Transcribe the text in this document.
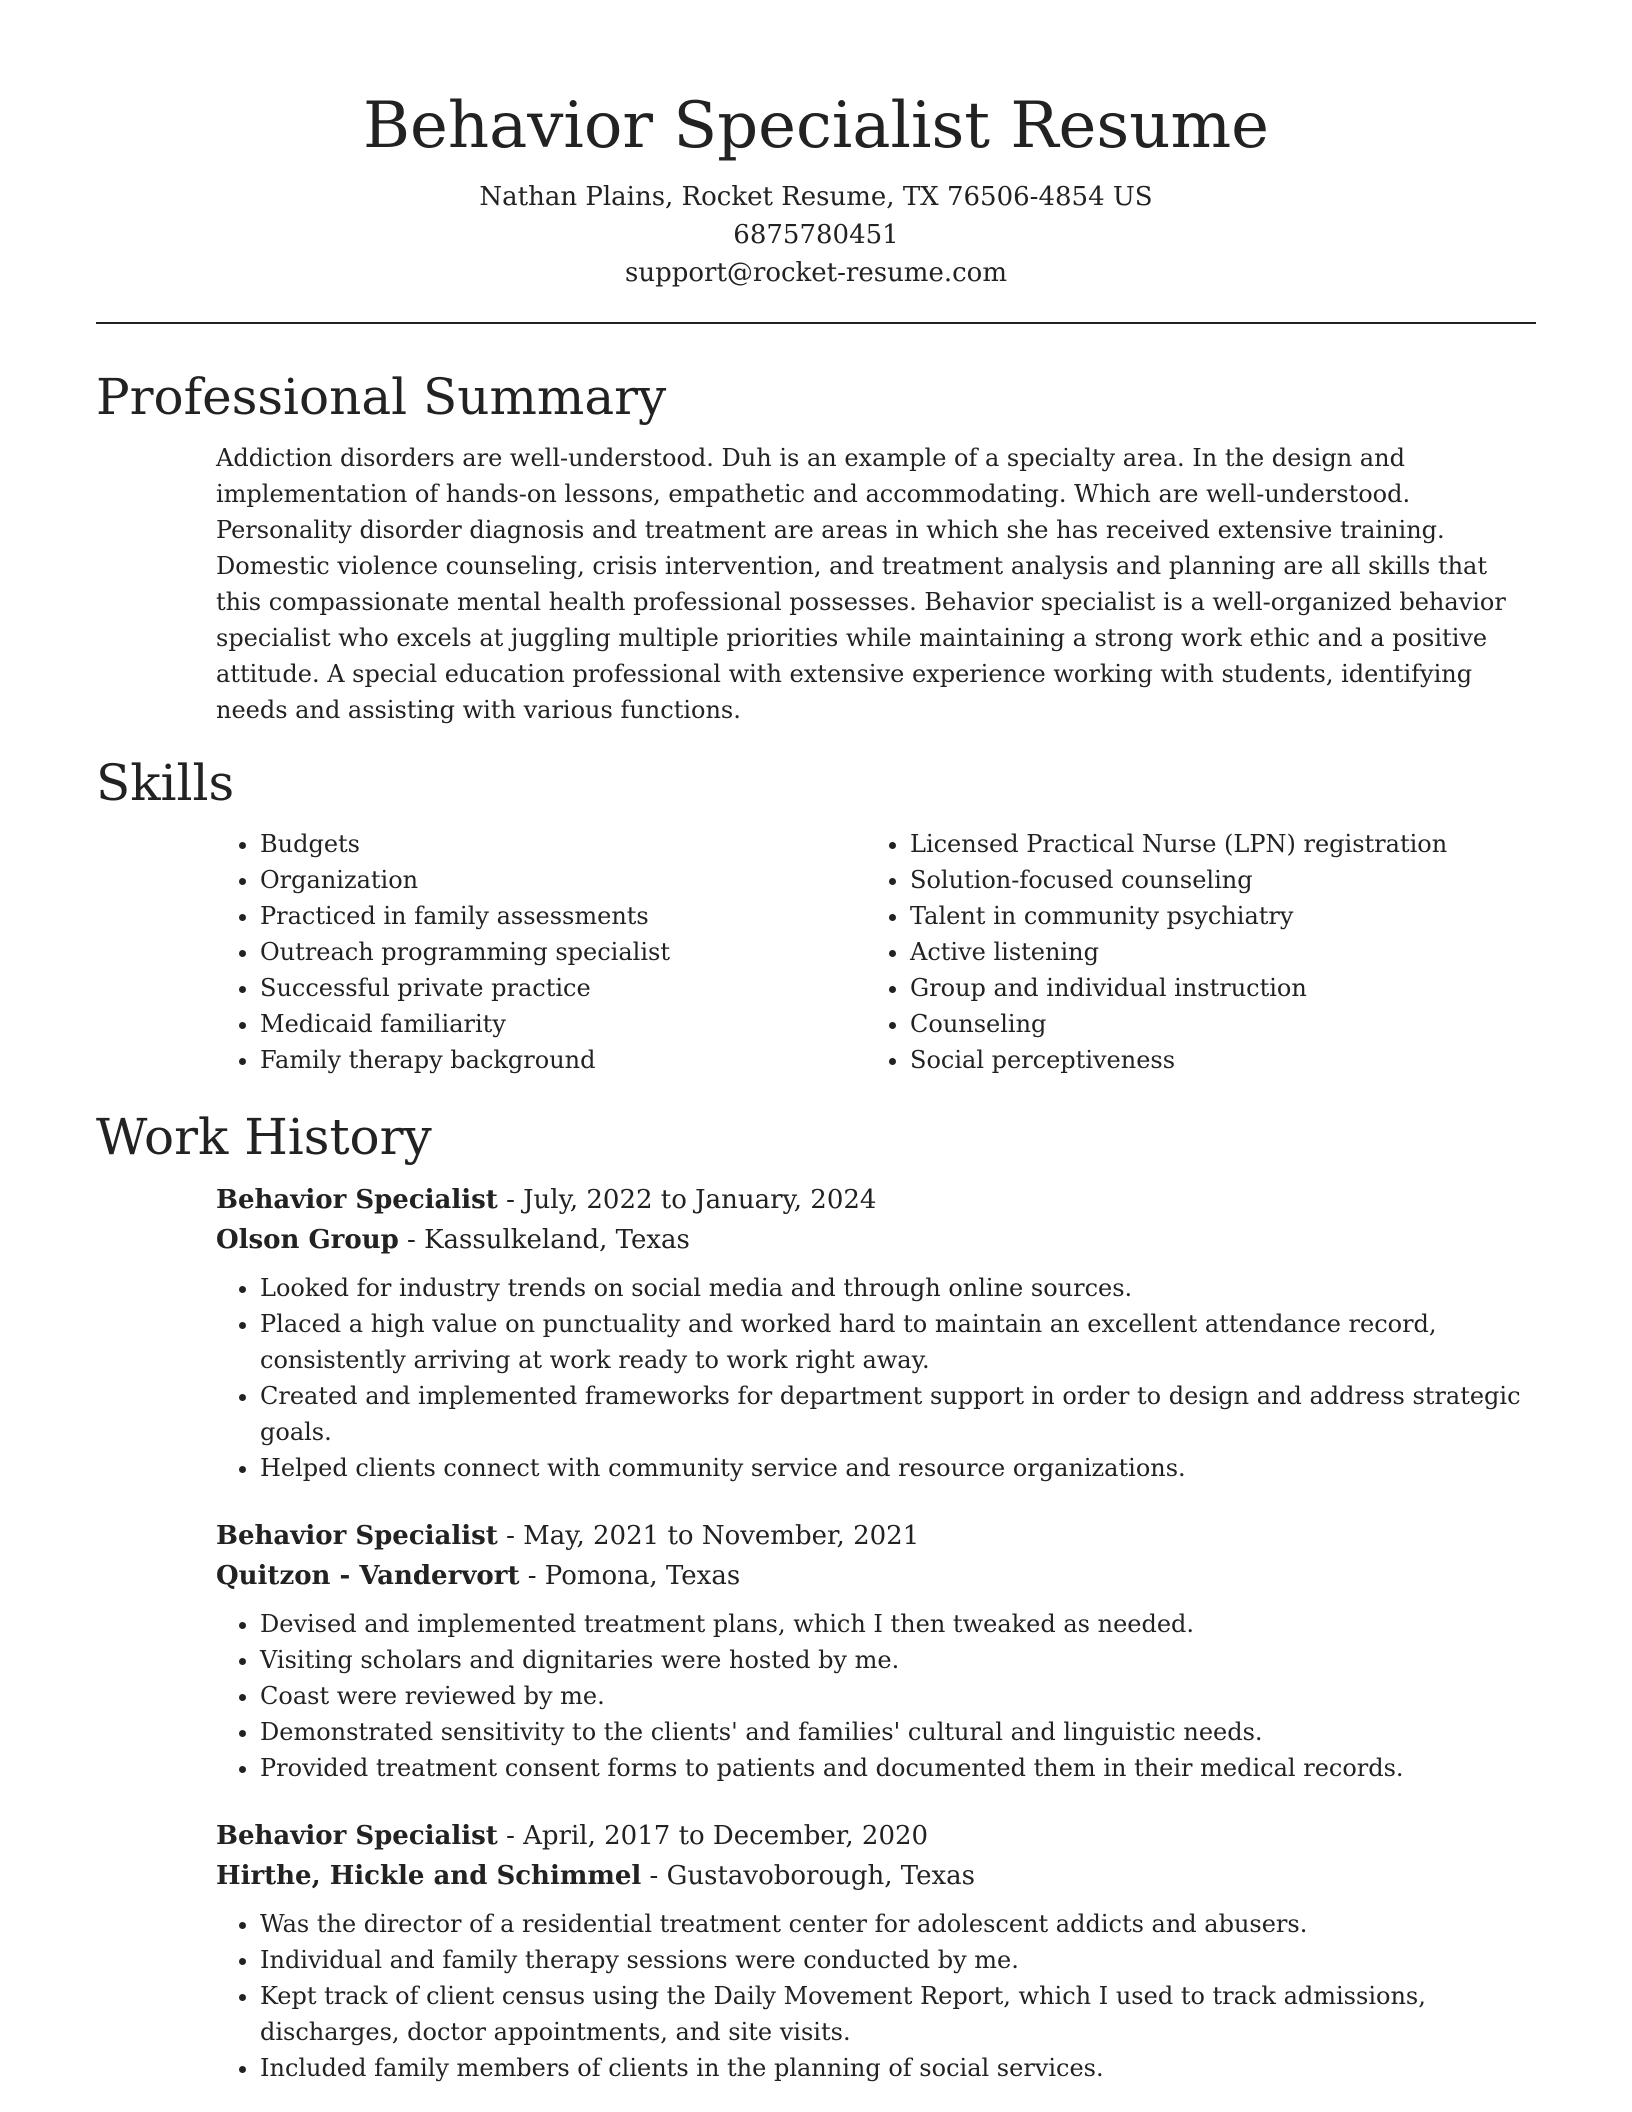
Behavior Specialist Resume
Nathan Plains, Rocket Resume, TX 76506-4854 US
6875780451
support@rocket-resume.com
Professional Summary
Addiction disorders are well-understood. Duh is an example of a specialty area. In the design and implementation of hands-on lessons, empathetic and accommodating. Which are well-understood. Personality disorder diagnosis and treatment are areas in which she has received extensive training. Domestic violence counseling, crisis intervention, and treatment analysis and planning are all skills that this compassionate mental health professional possesses. Behavior specialist is a well-organized behavior specialist who excels at juggling multiple priorities while maintaining a strong work ethic and a positive attitude. A special education professional with extensive experience working with students, identifying needs and assisting with various functions.
Skills
• Budgets
• Organization
• Practiced in family assessments
• Outreach programming specialist
• Successful private practice
• Medicaid familiarity
• Family therapy background
• Licensed Practical Nurse (LPN) registration
• Solution-focused counseling
• Talent in community psychiatry
• Active listening
• Group and individual instruction
• Counseling
• Social perceptiveness
Work History
Behavior Specialist - July, 2022 to January, 2024
Olson Group - Kassulkeland, Texas
• Looked for industry trends on social media and through online sources.
• Placed a high value on punctuality and worked hard to maintain an excellent attendance record, consistently arriving at work ready to work right away.
• Created and implemented frameworks for department support in order to design and address strategic goals.
• Helped clients connect with community service and resource organizations.
Behavior Specialist - May, 2021 to November, 2021
Quitzon - Vandervort - Pomona, Texas
• Devised and implemented treatment plans, which I then tweaked as needed.
• Visiting scholars and dignitaries were hosted by me.
• Coast were reviewed by me.
• Demonstrated sensitivity to the clients' and families' cultural and linguistic needs.
• Provided treatment consent forms to patients and documented them in their medical records.
Behavior Specialist - April, 2017 to December, 2020
Hirthe, Hickle and Schimmel - Gustavoborough, Texas
• Was the director of a residential treatment center for adolescent addicts and abusers.
• Individual and family therapy sessions were conducted by me.
• Kept track of client census using the Daily Movement Report, which I used to track admissions, discharges, doctor appointments, and site visits.
• Included family members of clients in the planning of social services.
